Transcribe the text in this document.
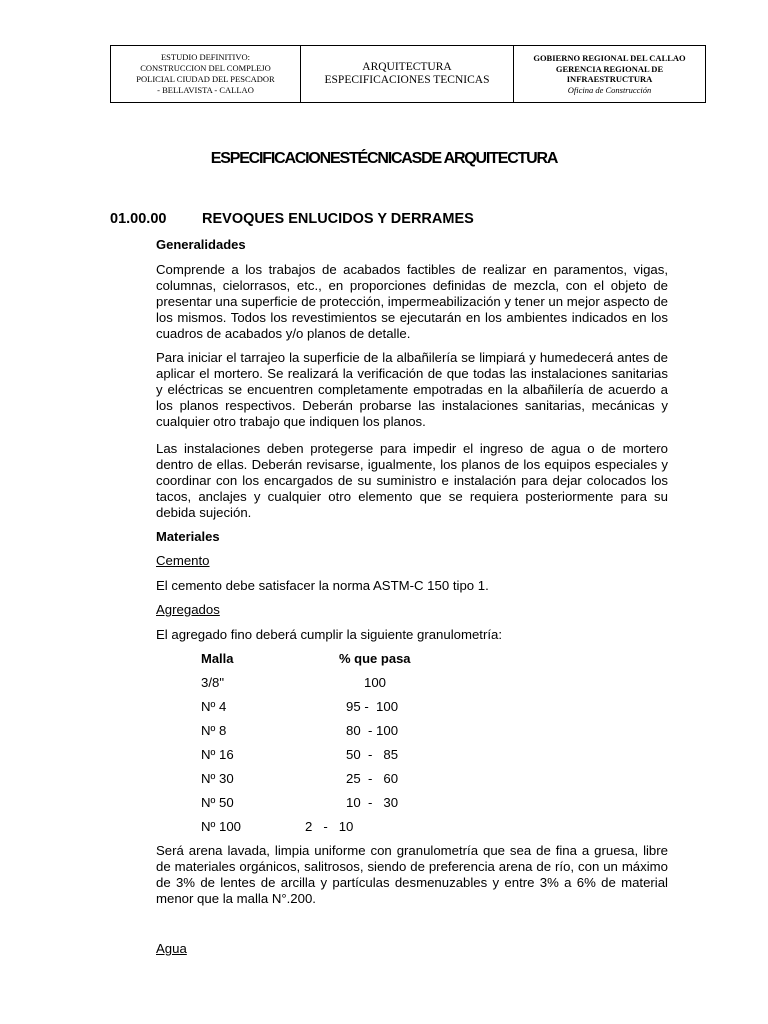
ESTUDIO DEFINITIVO:
CONSTRUCCION DEL COMPLEJO
POLICIAL CIUDAD DEL PESCADOR
- BELLAVISTA - CALLAO
ARQUITECTURA
ESPECIFICACIONES TECNICAS
GOBIERNO REGIONAL DEL CALLAO
GERENCIA REGIONAL DE
INFRAESTRUCTURA
Oficina de Construcción
ESPECIFICACIONESTÉCNICASDE ARQUITECTURA
01.00.00 REVOQUES ENLUCIDOS Y DERRAMES
Generalidades

Comprende a los trabajos de acabados factibles de realizar en paramentos, vigas, columnas, cielorrasos, etc., en proporciones definidas de mezcla, con el objeto de presentar una superficie de protección, impermeabilización y tener un mejor aspecto de los mismos. Todos los revestimientos se ejecutarán en los ambientes indicados en los cuadros de acabados y/o planos de detalle.

Para iniciar el tarrajeo la superficie de la albañilería se limpiará y humedecerá antes de aplicar el mortero. Se realizará la verificación de que todas las instalaciones sanitarias y eléctricas se encuentren completamente empotradas en la albañilería de acuerdo a los planos respectivos. Deberán probarse las instalaciones sanitarias, mecánicas y cualquier otro trabajo que indiquen los planos.

Las instalaciones deben protegerse para impedir el ingreso de agua o de mortero dentro de ellas. Deberán revisarse, igualmente, los planos de los equipos especiales y coordinar con los encargados de su suministro e instalación para dejar colocados los tacos, anclajes y cualquier otro elemento que se requiera posteriormente para su debida sujeción.

Materiales
Cemento
El cemento debe satisfacer la norma ASTM-C 150 tipo 1.
Agregados
El agregado fino deberá cumplir la siguiente granulometría:
Malla	% que pasa
3/8"	100
Nº 4	95 -  100
Nº 8	80  - 100
Nº 16	50  -   85
Nº 30	25  -   60
Nº 50	10  -   30
Nº 100	2   -   10

Será arena lavada, limpia uniforme con granulometría que sea de fina a gruesa, libre de materiales orgánicos, salitrosos, siendo de preferencia arena de río, con un máximo de 3% de lentes de arcilla y partículas desmenuzables y entre 3% a 6% de material menor que la malla N°.200.

Agua
